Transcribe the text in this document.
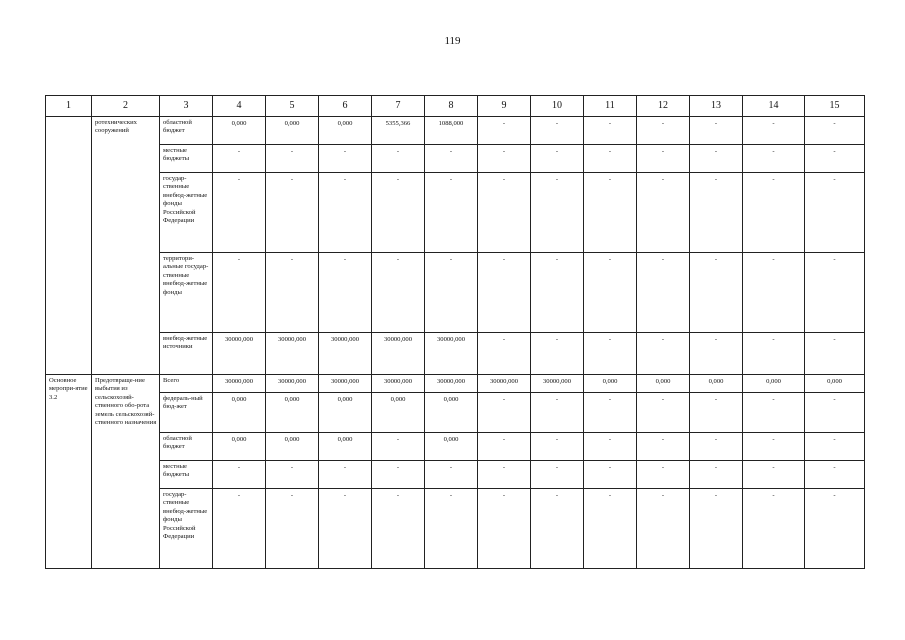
119
1	2	3	4	5	6	7	8	9	10	11	12	13	14	15
	ротехнических сооружений	областной бюджет	0,000	0,000	0,000	5355,366	1088,000	-	-	-	-	-	-	-
		местные бюджеты	-	-	-	-	-	-	-	-	-	-	-	-
		государ-ственные внебюд-жетные фонды Российской Федерации	-	-	-	-	-	-	-	-	-	-	-	-
		территори-альные государ-ственные внебюд-жетные фонды	-	-	-	-	-	-	-	-	-	-	-	-
		внебюд-жетные источники	30000,000	30000,000	30000,000	30000,000	30000,000	-	-	-	-	-	-	-
Основное меропри-ятие 3.2	Предотвраще-ние выбытия из сельскохозяй-ственного обо-рота земель сельскохозяй-ственного назначения	Всего	30000,000	30000,000	30000,000	30000,000	30000,000	30000,000	30000,000	0,000	0,000	0,000	0,000	0,000
		федераль-ный бюд-жет	0,000	0,000	0,000	0,000	0,000	-	-	-	-	-	-	-
		областной бюджет	0,000	0,000	0,000	-	0,000	-	-	-	-	-	-	-
		местные бюджеты	-	-	-	-	-	-	-	-	-	-	-	-
		государ-ственные внебюд-жетные фонды Российской Федерации	-	-	-	-	-	-	-	-	-	-	-	-
